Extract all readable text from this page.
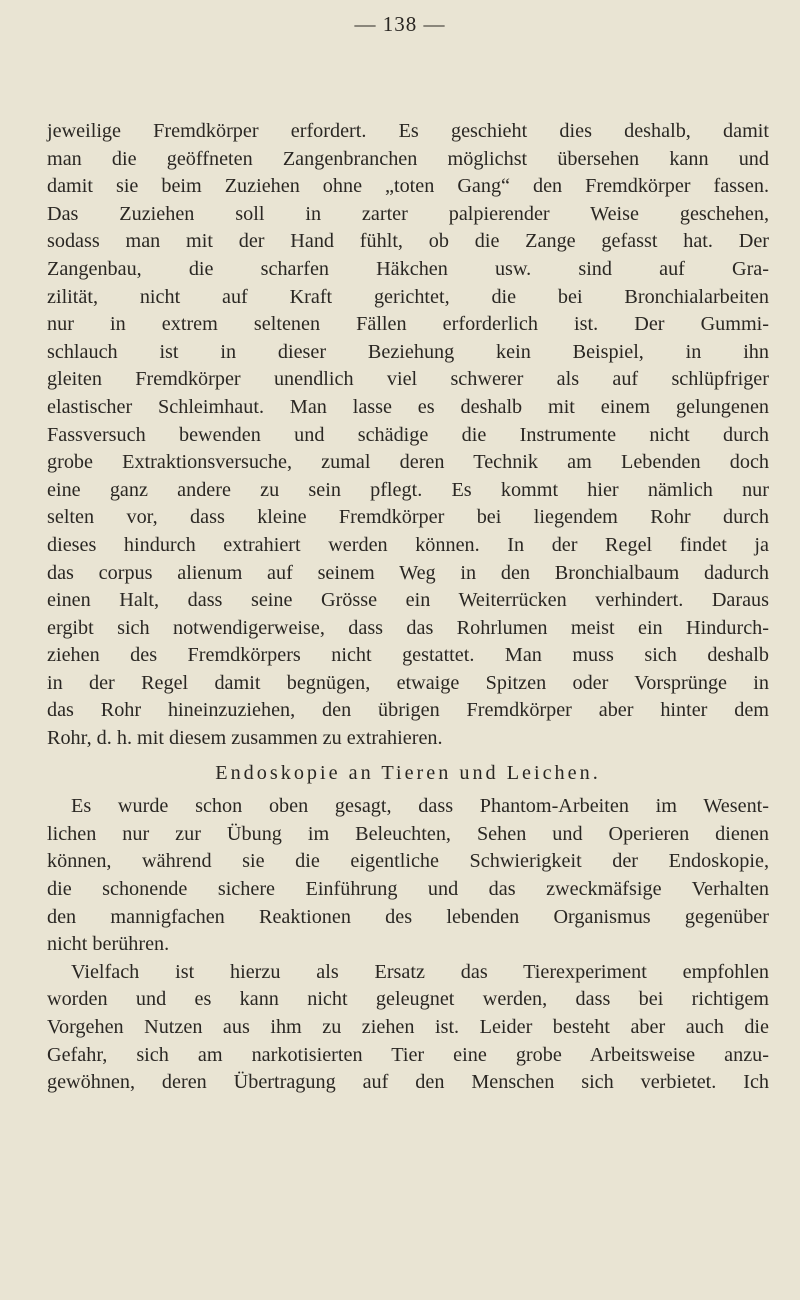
— 138 —
jeweilige Fremdkörper erfordert. Es geschieht dies deshalb, damit
man die geöffneten Zangenbranchen möglichst übersehen kann und
damit sie beim Zuziehen ohne „toten Gang“ den Fremdkörper fassen.
Das Zuziehen soll in zarter palpierender Weise geschehen,
sodass man mit der Hand fühlt, ob die Zange gefasst hat. Der
Zangenbau, die scharfen Häkchen usw. sind auf Gra-
zilität, nicht auf Kraft gerichtet, die bei Bronchialarbeiten
nur in extrem seltenen Fällen erforderlich ist. Der Gummi-
schlauch ist in dieser Beziehung kein Beispiel, in ihn
gleiten Fremdkörper unendlich viel schwerer als auf schlüpfriger
elastischer Schleimhaut. Man lasse es deshalb mit einem gelungenen
Fassversuch bewenden und schädige die Instrumente nicht durch
grobe Extraktionsversuche, zumal deren Technik am Lebenden doch
eine ganz andere zu sein pflegt. Es kommt hier nämlich nur
selten vor, dass kleine Fremdkörper bei liegendem Rohr durch
dieses hindurch extrahiert werden können. In der Regel findet ja
das corpus alienum auf seinem Weg in den Bronchialbaum dadurch
einen Halt, dass seine Grösse ein Weiterrücken verhindert. Daraus
ergibt sich notwendigerweise, dass das Rohrlumen meist ein Hindurch-
ziehen des Fremdkörpers nicht gestattet. Man muss sich deshalb
in der Regel damit begnügen, etwaige Spitzen oder Vorsprünge in
das Rohr hineinzuziehen, den übrigen Fremdkörper aber hinter dem
Rohr, d. h. mit diesem zusammen zu extrahieren.
Endoskopie an Tieren und Leichen.
Es wurde schon oben gesagt, dass Phantom-Arbeiten im Wesent-
lichen nur zur Übung im Beleuchten, Sehen und Operieren dienen
können, während sie die eigentliche Schwierigkeit der Endoskopie,
die schonende sichere Einführung und das zweckmäfsige Verhalten
den mannigfachen Reaktionen des lebenden Organismus gegenüber
nicht berühren.
Vielfach ist hierzu als Ersatz das Tierexperiment empfohlen
worden und es kann nicht geleugnet werden, dass bei richtigem
Vorgehen Nutzen aus ihm zu ziehen ist. Leider besteht aber auch die
Gefahr, sich am narkotisierten Tier eine grobe Arbeitsweise anzu-
gewöhnen, deren Übertragung auf den Menschen sich verbietet. Ich
